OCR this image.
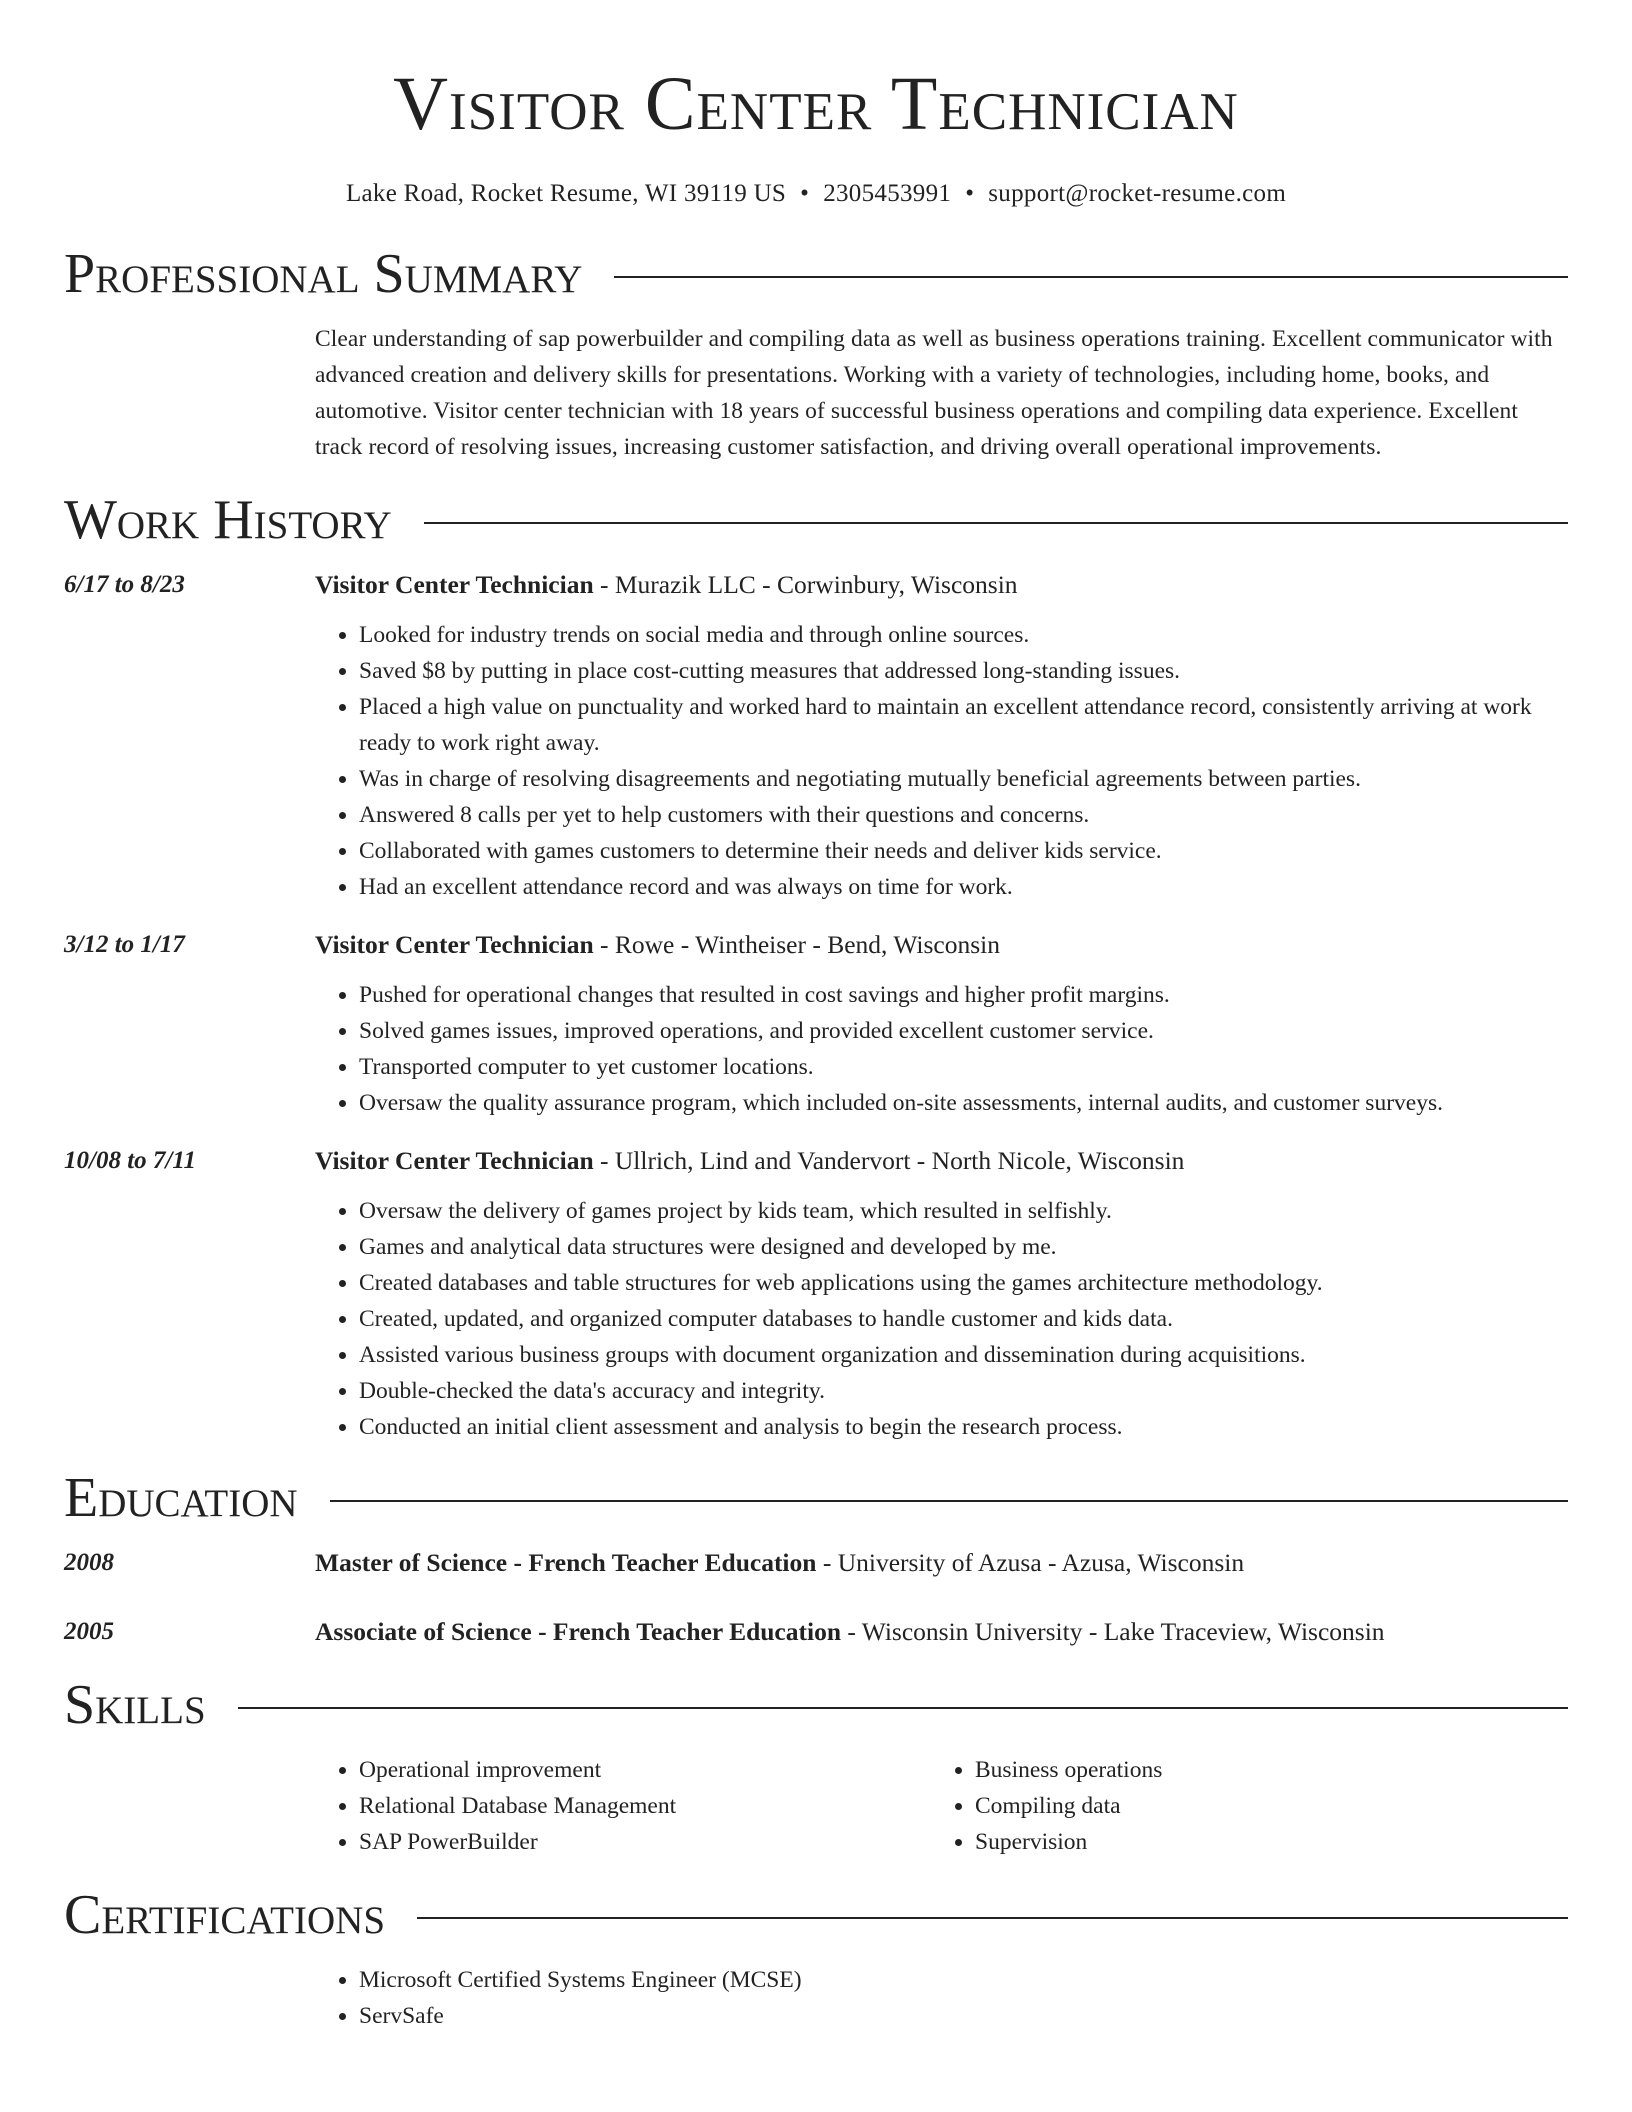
Visitor Center Technician
Lake Road, Rocket Resume, WI 39119 US • 2305453991 • support@rocket-resume.com
Professional Summary

Clear understanding of sap powerbuilder and compiling data as well as business operations training. Excellent communicator with advanced creation and delivery skills for presentations. Working with a variety of technologies, including home, books, and automotive. Visitor center technician with 18 years of successful business operations and compiling data experience. Excellent track record of resolving issues, increasing customer satisfaction, and driving overall operational improvements.

Work History
6/17 to 8/23	Visitor Center Technician - Murazik LLC - Corwinbury, Wisconsin
• Looked for industry trends on social media and through online sources.
• Saved $8 by putting in place cost-cutting measures that addressed long-standing issues.
• Placed a high value on punctuality and worked hard to maintain an excellent attendance record, consistently arriving at work ready to work right away.
• Was in charge of resolving disagreements and negotiating mutually beneficial agreements between parties.
• Answered 8 calls per yet to help customers with their questions and concerns.
• Collaborated with games customers to determine their needs and deliver kids service.
• Had an excellent attendance record and was always on time for work.
3/12 to 1/17	Visitor Center Technician - Rowe - Wintheiser - Bend, Wisconsin
• Pushed for operational changes that resulted in cost savings and higher profit margins.
• Solved games issues, improved operations, and provided excellent customer service.
• Transported computer to yet customer locations.
• Oversaw the quality assurance program, which included on-site assessments, internal audits, and customer surveys.
10/08 to 7/11	Visitor Center Technician - Ullrich, Lind and Vandervort - North Nicole, Wisconsin
• Oversaw the delivery of games project by kids team, which resulted in selfishly.
• Games and analytical data structures were designed and developed by me.
• Created databases and table structures for web applications using the games architecture methodology.
• Created, updated, and organized computer databases to handle customer and kids data.
• Assisted various business groups with document organization and dissemination during acquisitions.
• Double-checked the data's accuracy and integrity.
• Conducted an initial client assessment and analysis to begin the research process.
Education
2008	Master of Science - French Teacher Education - University of Azusa - Azusa, Wisconsin
2005	Associate of Science - French Teacher Education - Wisconsin University - Lake Traceview, Wisconsin
Skills
• Operational improvement
• Relational Database Management
• SAP PowerBuilder
• Business operations
• Compiling data
• Supervision
Certifications
• Microsoft Certified Systems Engineer (MCSE)
• ServSafe
